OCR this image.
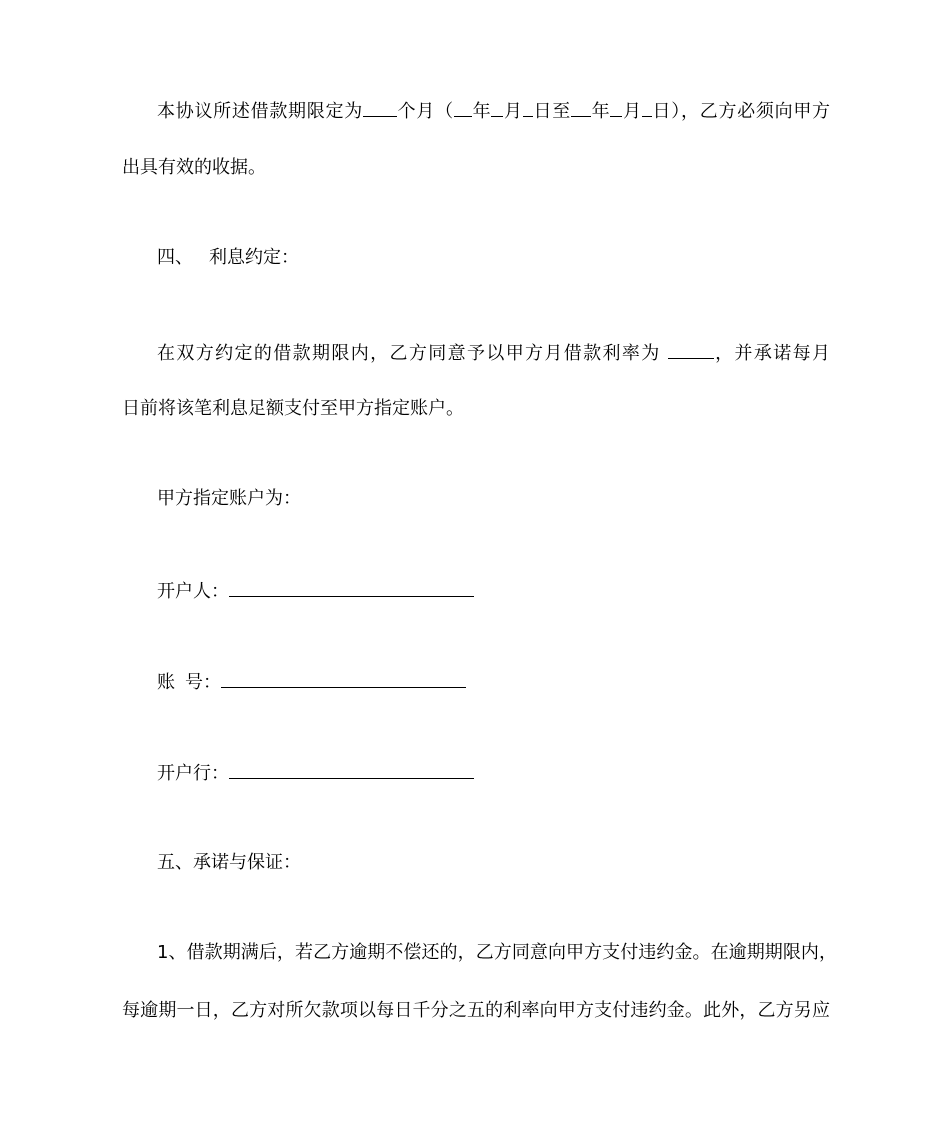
本协议所述借款期限定为 个月（ 年 月 日至 年 月 日），乙方必须向甲方
出具有效的收据。
四、 利息约定：
在双方约定的借款期限内，乙方同意予以甲方月借款利率为	，并承诺每月
日前将该笔利息足额支付至甲方指定账户。
甲方指定账户为：
开户人：
账 号：
开户行：
五、承诺与保证：
1、借款期满后，若乙方逾期不偿还的，乙方同意向甲方支付违约金。在逾期期限内，
每逾期一日，乙方对所欠款项以每日千分之五的利率向甲方支付违约金。此外，乙方另应
